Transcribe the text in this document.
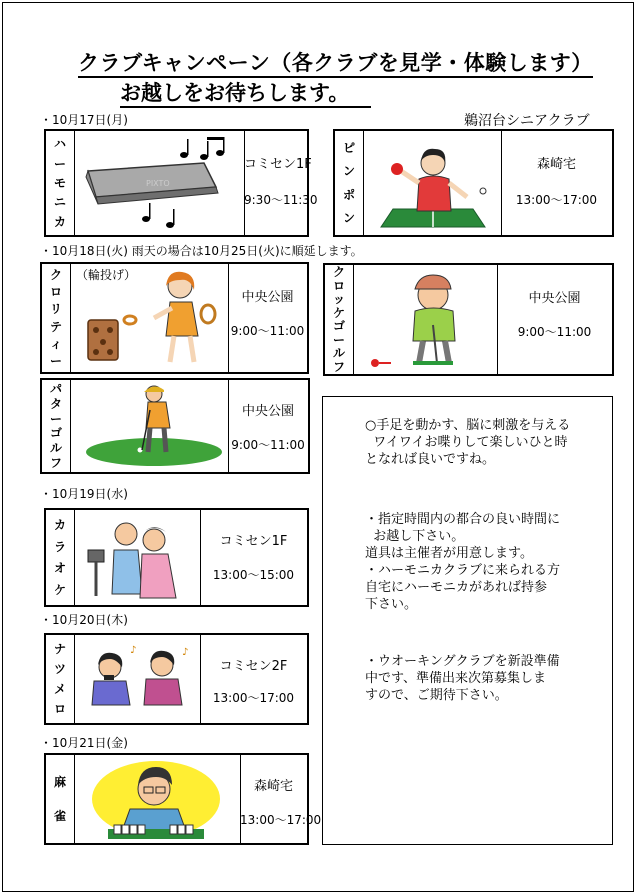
クラブキャンペーン（各クラブを見学・体験します）
お越しをお待ちします。
・10月17日(月)	鵜沼台シニアクラブ
ハ
ー
モ
ニ
カ
PIXTO
コミセン1F
9:30～11:30
ピ
ン
ポ
ン
森崎宅
13:00～17:00
・10月18日(火) 雨天の場合は10月25日(火)に順延します。
ク
ロ
リ
テ
ィ
ー
（輪投げ）
中央公園
9:00～11:00
ク
ロ
ッ
ケ
ゴ
ー
ル
フ
中央公園
9:00～11:00
パ
タ
ー
ゴ
ル
フ
中央公園
9:00～11:00
・10月19日(水)
カ
ラ
オ
ケ
コミセン1F
13:00～15:00
・10月20日(木)
ナ
ツ
メ
ロ
♪	♪
コミセン2F
13:00～17:00
・10月21日(金)
麻
雀
森崎宅
13:00～17:00
○手足を動かす、脳に刺激を与える
ワイワイお喋りして楽しいひと時
となれば良いですね。
・指定時間内の都合の良い時間に
お越し下さい。
道具は主催者が用意します。
・ハーモニカクラブに来られる方
自宅にハーモニカがあれば持参
下さい。
・ウオーキングクラブを新設準備
中です、準備出来次第募集しま
すので、ご期待下さい。
